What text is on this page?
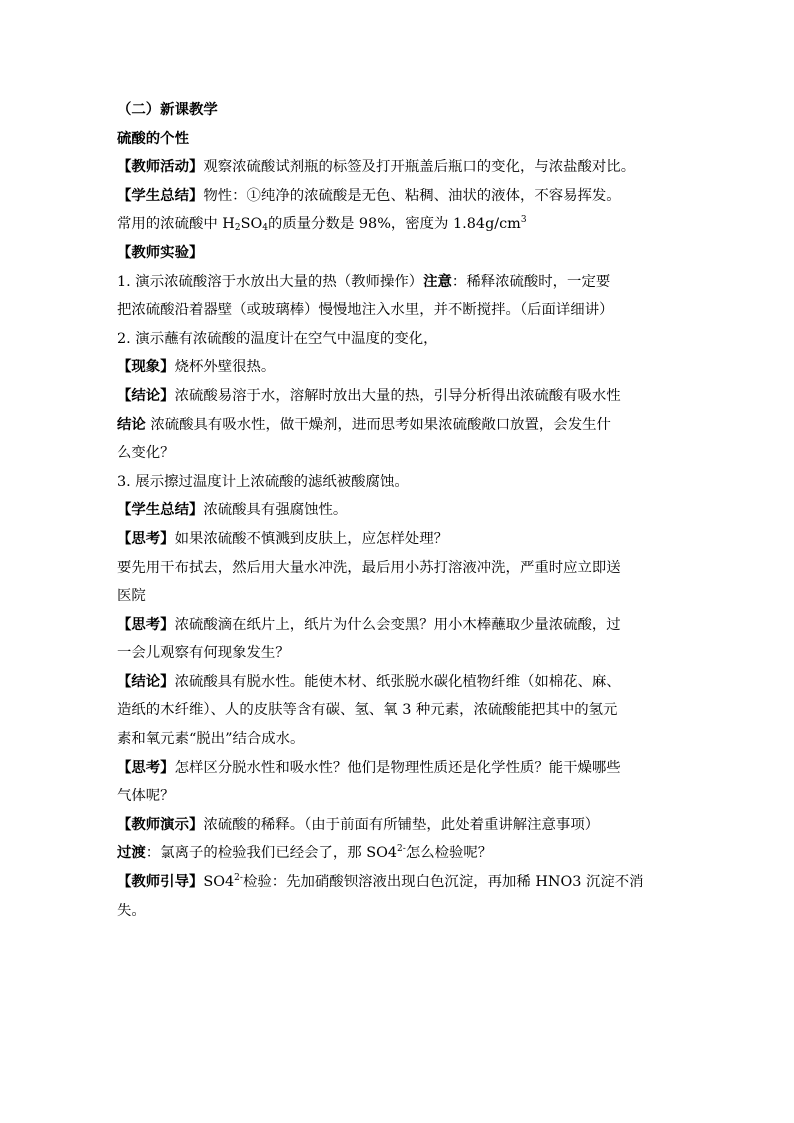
（二）新课教学

硫酸的个性

【教师活动】观察浓硫酸试剂瓶的标签及打开瓶盖后瓶口的变化，与浓盐酸对比。

【学生总结】物性：①纯净的浓硫酸是无色、粘稠、油状的液体，不容易挥发。

常用的浓硫酸中 $H_2SO_4$的质量分数是 98%，密度为 $1.84g/cm^3$

【教师实验】

1. 演示浓硫酸溶于水放出大量的热（教师操作）注意：稀释浓硫酸时，一定要

把浓硫酸沿着器壁（或玻璃棒）慢慢地注入水里，并不断搅拌。（后面详细讲）

2. 演示蘸有浓硫酸的温度计在空气中温度的变化，

【现象】烧杯外壁很热。

【结论】浓硫酸易溶于水，溶解时放出大量的热，引导分析得出浓硫酸有吸水性

结论 浓硫酸具有吸水性，做干燥剂，进而思考如果浓硫酸敞口放置，会发生什

么变化？

3. 展示擦过温度计上浓硫酸的滤纸被酸腐蚀。

【学生总结】浓硫酸具有强腐蚀性。

【思考】如果浓硫酸不慎溅到皮肤上，应怎样处理？

要先用干布拭去，然后用大量水冲洗，最后用小苏打溶液冲洗，严重时应立即送

医院

【思考】浓硫酸滴在纸片上，纸片为什么会变黑？用小木棒蘸取少量浓硫酸，过

一会儿观察有何现象发生？

【结论】浓硫酸具有脱水性。能使木材、纸张脱水碳化植物纤维（如棉花、麻、

造纸的木纤维）、人的皮肤等含有碳、氢、氧 3 种元素，浓硫酸能把其中的氢元

素和氧元素“脱出”结合成水。

【思考】怎样区分脱水性和吸水性？他们是物理性质还是化学性质？能干燥哪些

气体呢？

【教师演示】浓硫酸的稀释。（由于前面有所铺垫，此处着重讲解注意事项）

过渡：氯离子的检验我们已经会了，那 $SO4^{2-}$怎么检验呢？

【教师引导】$SO4^{2-}$检验：先加硝酸钡溶液出现白色沉淀，再加稀 HNO3 沉淀不消

失。
